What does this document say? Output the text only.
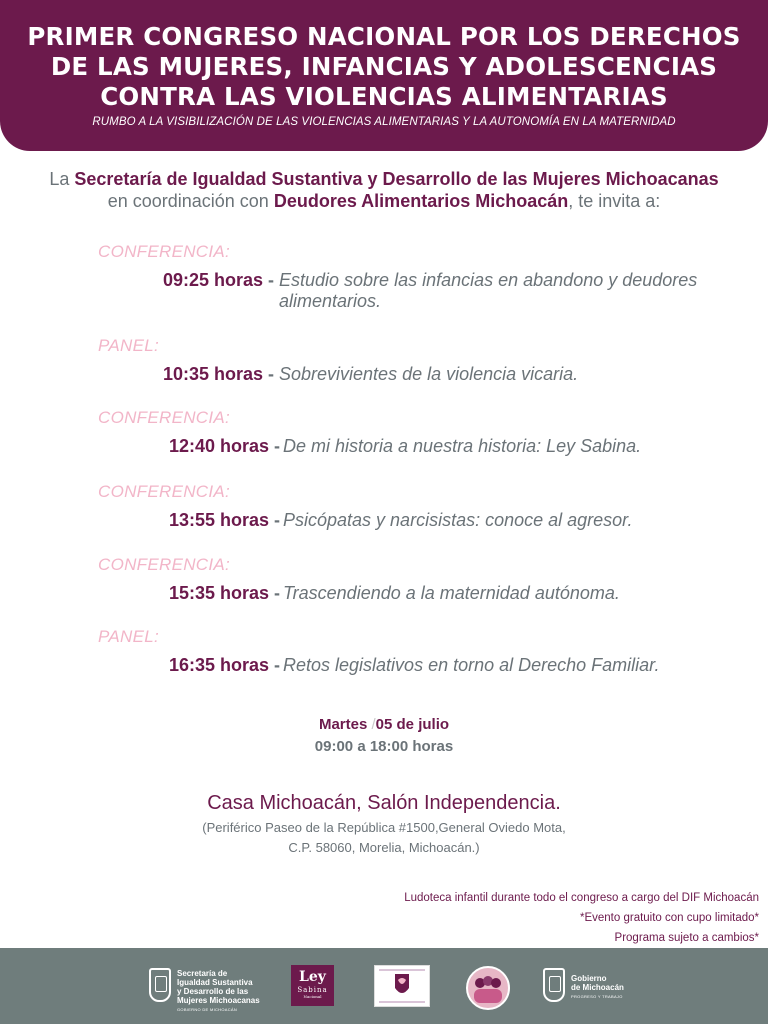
PRIMER CONGRESO NACIONAL POR LOS DERECHOS DE LAS MUJERES, INFANCIAS Y ADOLESCENCIAS CONTRA LAS VIOLENCIAS ALIMENTARIAS
RUMBO A LA VISIBILIZACIÓN DE LAS VIOLENCIAS ALIMENTARIAS Y LA AUTONOMÍA EN LA MATERNIDAD
La Secretaría de Igualdad Sustantiva y Desarrollo de las Mujeres Michoacanas
en coordinación con Deudores Alimentarios Michoacán, te invita a:
CONFERENCIA:
09:25 horas - Estudio sobre las infancias en abandono y deudores alimentarios.
PANEL:
10:35 horas - Sobrevivientes de la violencia vicaria.
CONFERENCIA:
12:40 horas - De mi historia a nuestra historia: Ley Sabina.
CONFERENCIA:
13:55 horas - Psicópatas y narcisistas: conoce al agresor.
CONFERENCIA:
15:35 horas - Trascendiendo a la maternidad autónoma.
PANEL:
16:35 horas - Retos legislativos en torno al Derecho Familiar.
Martes /05 de julio
09:00 a 18:00 horas
Casa Michoacán, Salón Independencia.
(Periférico Paseo de la República #1500,General Oviedo Mota,
C.P. 58060, Morelia, Michoacán.)
Ludoteca infantil durante todo el congreso a cargo del DIF Michoacán
*Evento gratuito con cupo limitado*
Programa sujeto a cambios*
Secretaría de
Igualdad Sustantiva
y Desarrollo de las
Mujeres Michoacanas
GOBIERNO DE MICHOACÁN
Ley
Sabina
Nacional
Gobierno
de Michoacán
PROGRESO Y TRABAJO
